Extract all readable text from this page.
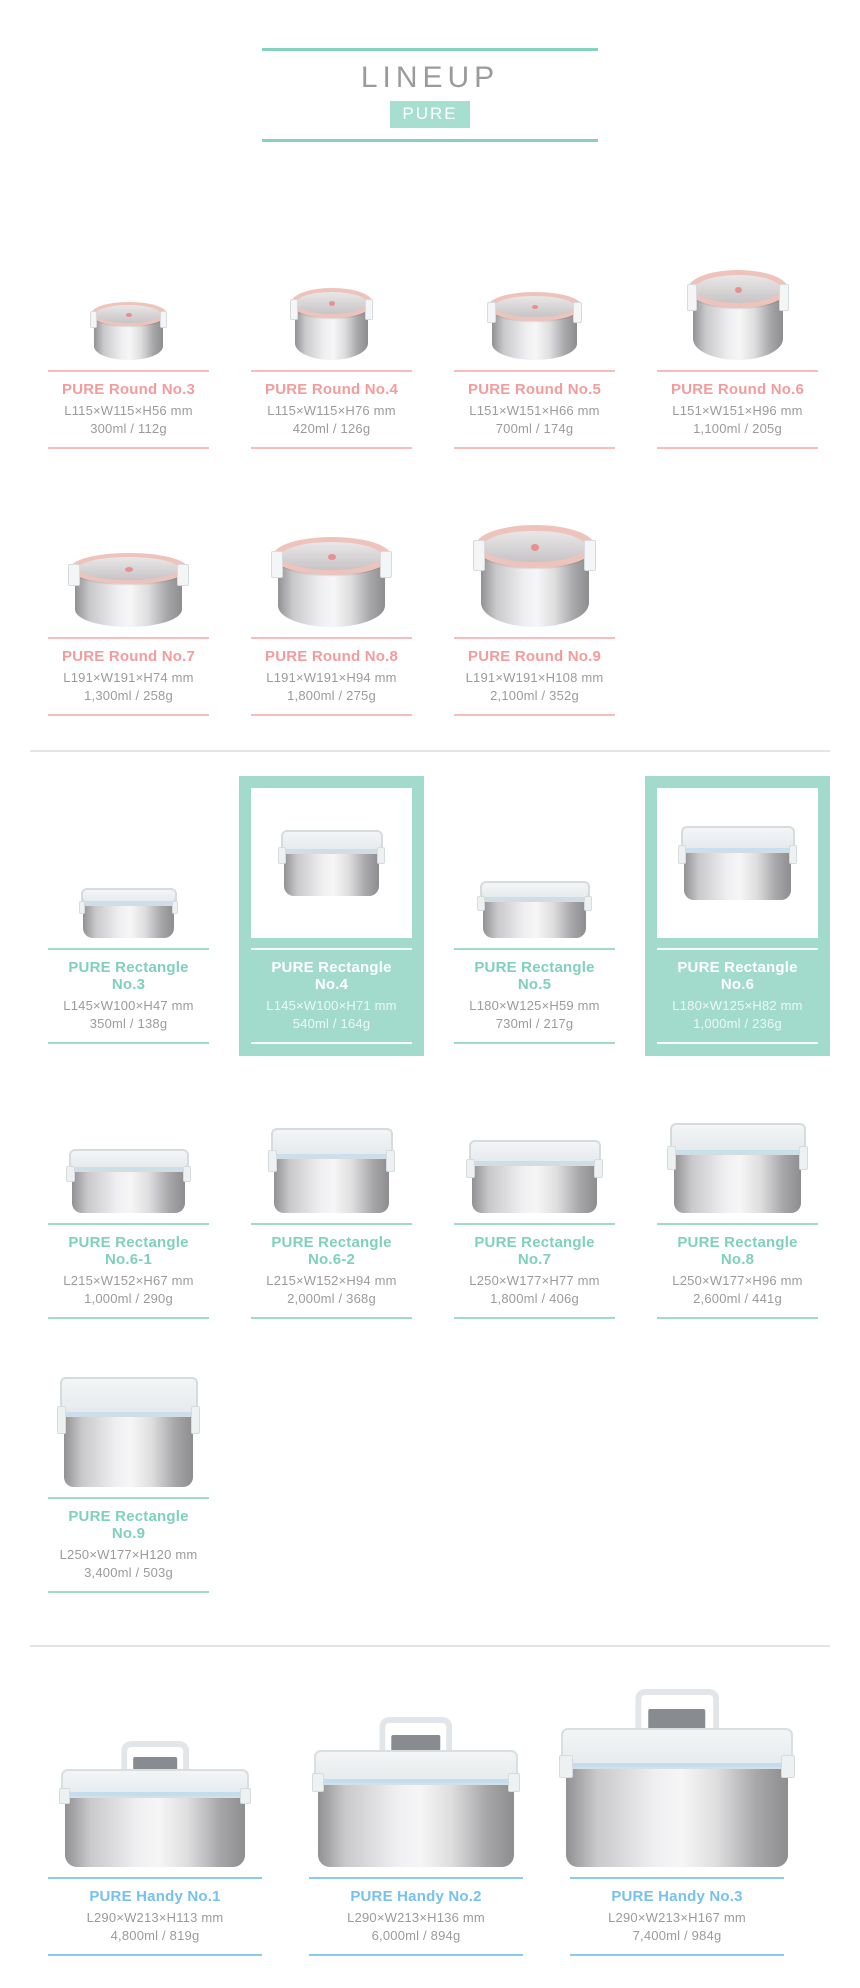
LINEUP
PURE
PURE Round No.3
L115×W115×H56 mm
300ml / 112g
PURE Round No.4
L115×W115×H76 mm
420ml / 126g
PURE Round No.5
L151×W151×H66 mm
700ml / 174g
PURE Round No.6
L151×W151×H96 mm
1,100ml / 205g
PURE Round No.7
L191×W191×H74 mm
1,300ml / 258g
PURE Round No.8
L191×W191×H94 mm
1,800ml / 275g
PURE Round No.9
L191×W191×H108 mm
2,100ml / 352g
PURE Rectangle No.3
L145×W100×H47 mm
350ml / 138g
PURE Rectangle No.4
L145×W100×H71 mm
540ml / 164g
PURE Rectangle No.5
L180×W125×H59 mm
730ml / 217g
PURE Rectangle No.6
L180×W125×H82 mm
1,000ml / 236g
PURE Rectangle No.6-1
L215×W152×H67 mm
1,000ml / 290g
PURE Rectangle No.6-2
L215×W152×H94 mm
2,000ml / 368g
PURE Rectangle No.7
L250×W177×H77 mm
1,800ml / 406g
PURE Rectangle No.8
L250×W177×H96 mm
2,600ml / 441g
PURE Rectangle No.9
L250×W177×H120 mm
3,400ml / 503g
PURE Handy No.1
L290×W213×H113 mm
4,800ml / 819g
PURE Handy No.2
L290×W213×H136 mm
6,000ml / 894g
PURE Handy No.3
L290×W213×H167 mm
7,400ml / 984g
